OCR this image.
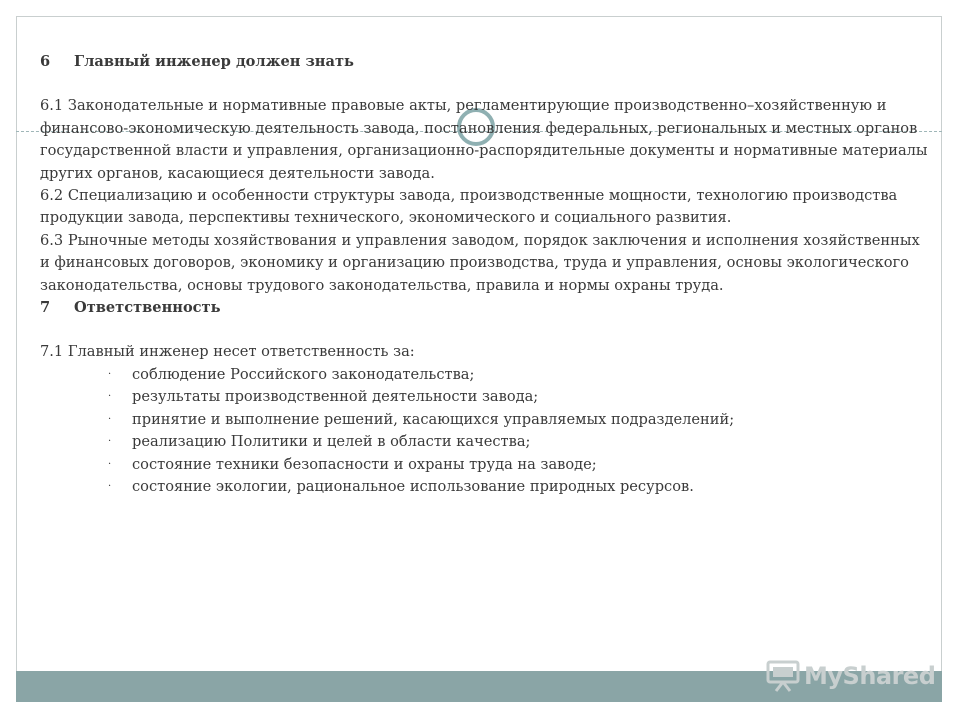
6 Главный инженер должен знать

6.1 Законодательные и нормативные правовые акты, регламентирующие производственно–хозяйственную и финансово-экономическую деятельность завода, постановления федеральных, региональных и местных органов государственной власти и управления, организационно-распорядительные документы и нормативные материалы других органов, касающиеся деятельности завода.

6.2 Специализацию и особенности структуры завода, производственные мощности, технологию производства продукции завода, перспективы технического, экономического и социального развития.

6.3 Рыночные методы хозяйствования и управления заводом, порядок заключения и исполнения хозяйственных и финансовых договоров, экономику и организацию производства, труда и управления, основы экологического законодательства, основы трудового законодательства, правила и нормы охраны труда.

7 Ответственность

7.1 Главный инженер несет ответственность за:

· соблюдение Российского законодательства;
· результаты производственной деятельности завода;
· принятие и выполнение решений, касающихся управляемых подразделений;
· реализацию Политики и целей в области качества;
· состояние техники безопасности и охраны труда на заводе;
· состояние экологии, рациональное использование природных ресурсов.
MyShared
